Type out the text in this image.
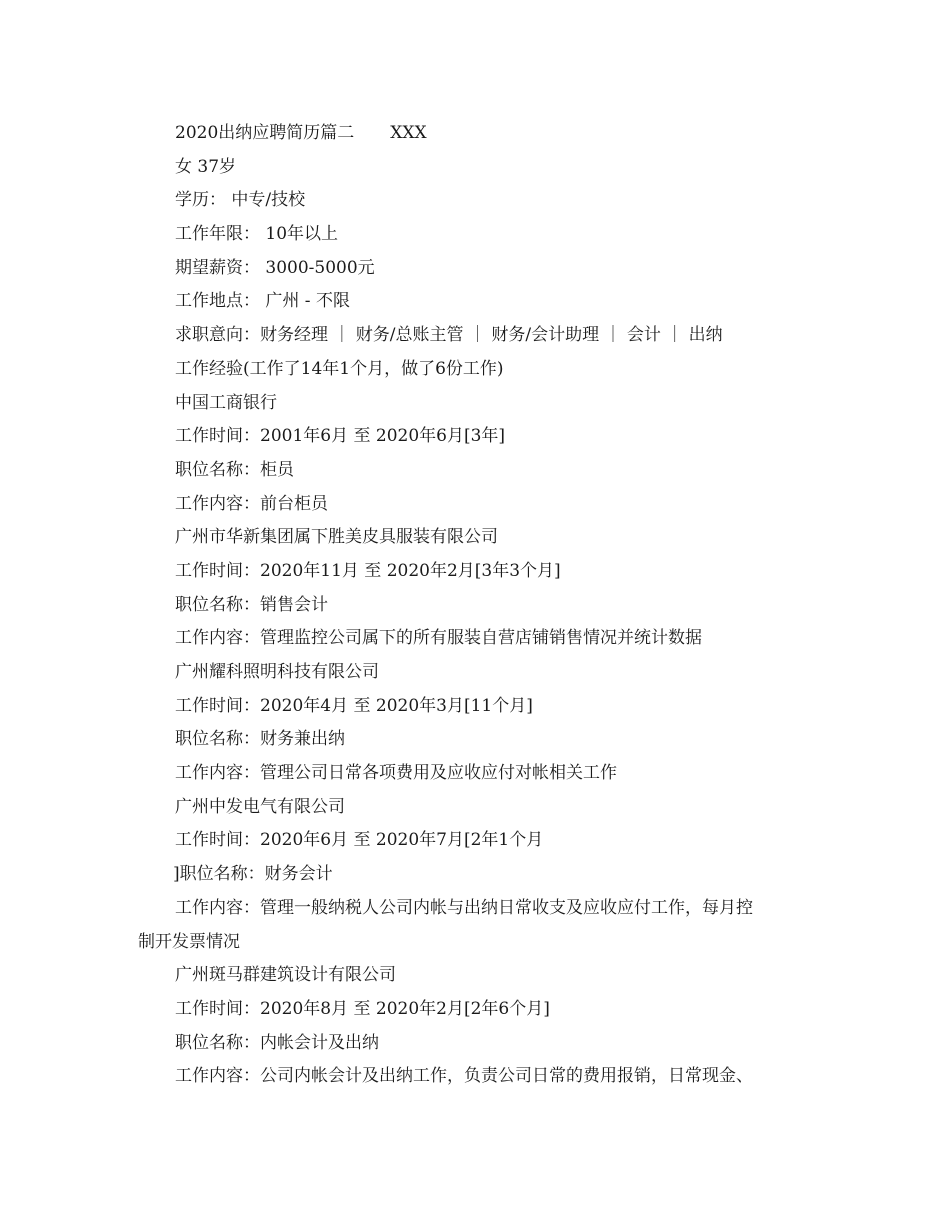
2020出纳应聘简历篇二 XXX
女 37岁
学历： 中专/技校
工作年限： 10年以上
期望薪资： 3000-5000元
工作地点： 广州 - 不限
求职意向：财务经理 ｜ 财务/总账主管 ｜ 财务/会计助理 ｜ 会计 ｜ 出纳
工作经验(工作了14年1个月，做了6份工作)
中国工商银行
工作时间：2001年6月 至 2020年6月[3年]
职位名称：柜员
工作内容：前台柜员
广州市华新集团属下胜美皮具服装有限公司
工作时间：2020年11月 至 2020年2月[3年3个月]
职位名称：销售会计
工作内容：管理监控公司属下的所有服装自营店铺销售情况并统计数据
广州耀科照明科技有限公司
工作时间：2020年4月 至 2020年3月[11个月]
职位名称：财务兼出纳
工作内容：管理公司日常各项费用及应收应付对帐相关工作
广州中发电气有限公司
工作时间：2020年6月 至 2020年7月[2年1个月
]职位名称：财务会计
工作内容：管理一般纳税人公司内帐与出纳日常收支及应收应付工作，每月控
制开发票情况
广州斑马群建筑设计有限公司
工作时间：2020年8月 至 2020年2月[2年6个月]
职位名称：内帐会计及出纳
工作内容：公司内帐会计及出纳工作，负责公司日常的费用报销，日常现金、
